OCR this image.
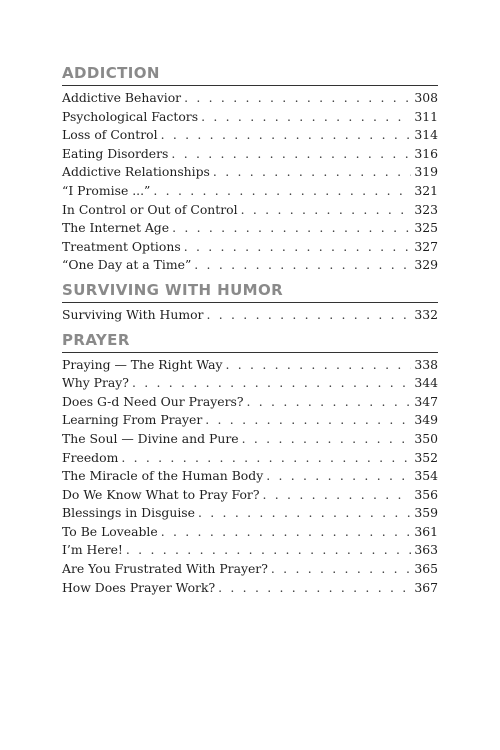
ADDICTION
Addictive Behavior . . .	308
Psychological Factors . . .	311
Loss of Control . . .	314
Eating Disorders . . .	316
Addictive Relationships . . .	319
“I Promise ...” . . .	321
In Control or Out of Control . . .	323
The Internet Age . . .	325
Treatment Options . . .	327
“One Day at a Time” . . .	329
SURVIVING WITH HUMOR
Surviving With Humor . . .	332
PRAYER
Praying — The Right Way . . .	338
Why Pray? . . .	344
Does G-d Need Our Prayers? . . .	347
Learning From Prayer . . .	349
The Soul — Divine and Pure . . .	350
Freedom . . .	352
The Miracle of the Human Body . . .	354
Do We Know What to Pray For? . . .	356
Blessings in Disguise . . .	359
To Be Loveable . . .	361
I’m Here! . . .	363
Are You Frustrated With Prayer? . . .	365
How Does Prayer Work? . . .	367
